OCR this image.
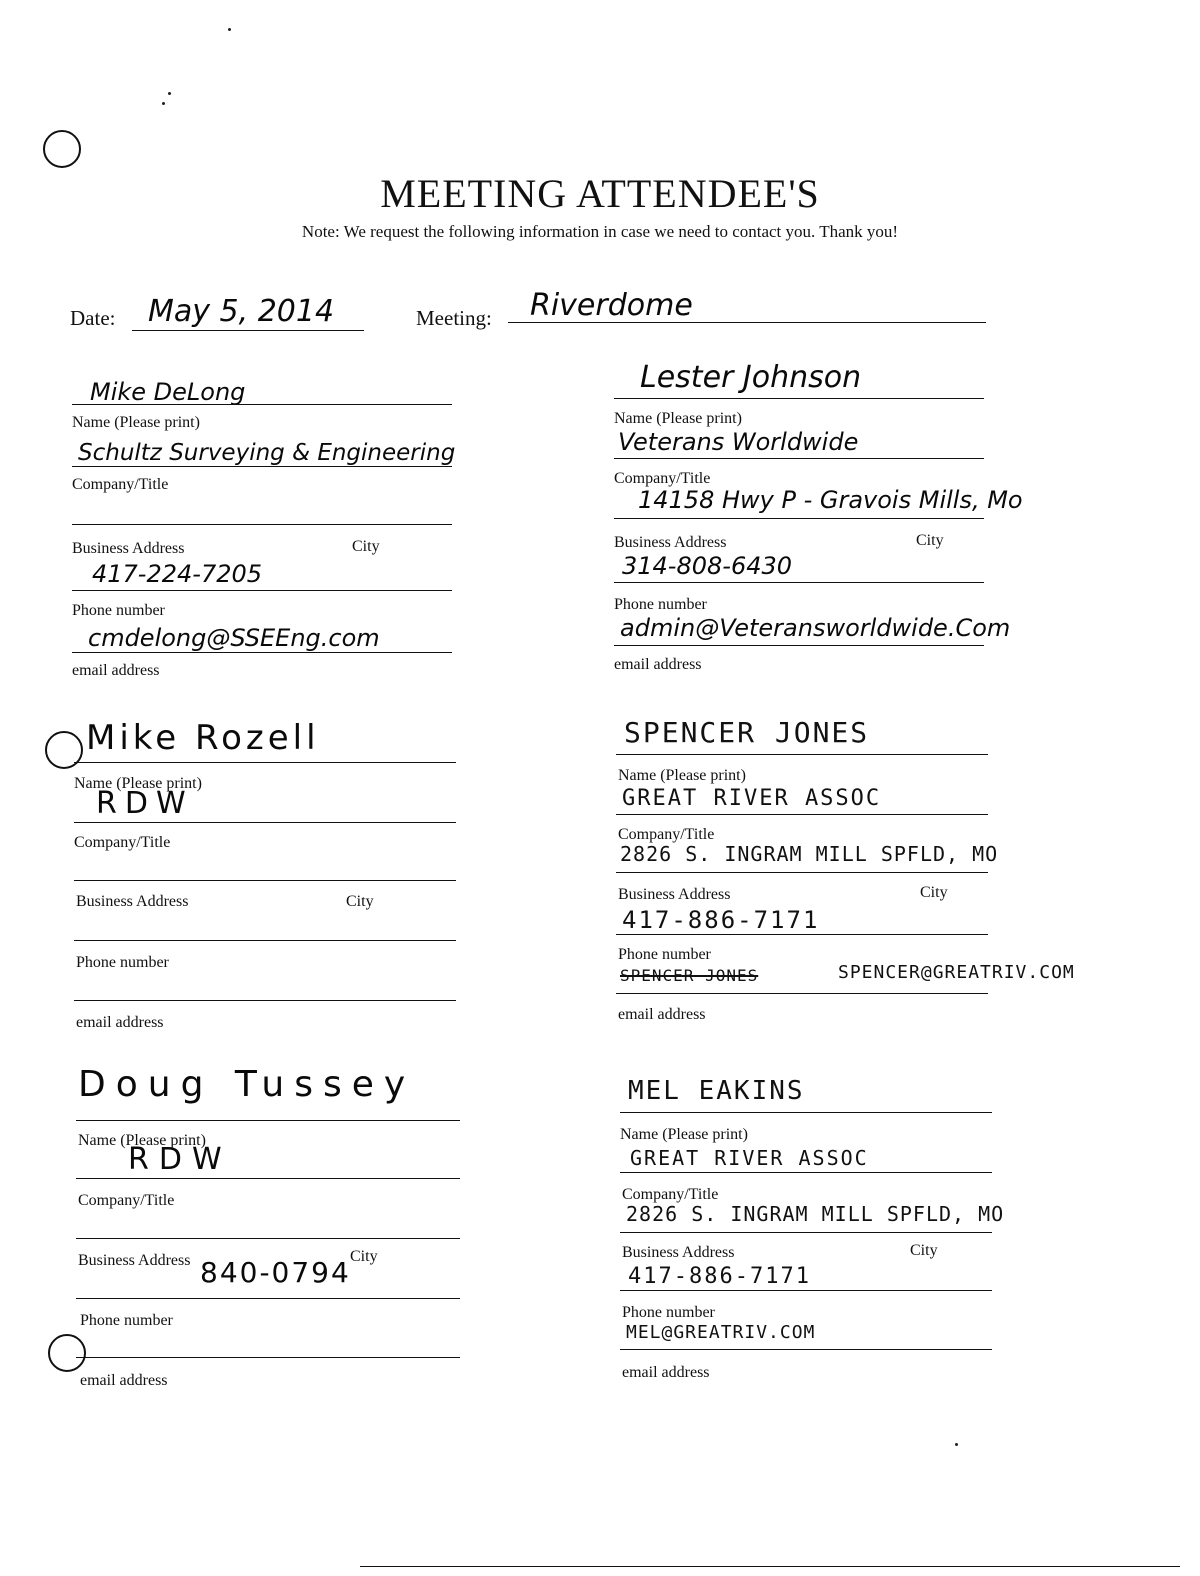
MEETING ATTENDEE'S
Note: We request the following information in case we need to contact you. Thank you!
Date: May 5, 2014	Meeting: Riverdome
Mike DeLong
Name (Please print)
Schultz Surveying & Engineering
Company/Title
Business Address	City
417-224-7205
Phone number
cmdelong@SSEEng.com
email address
Lester Johnson
Name (Please print)
Veterans Worldwide
Company/Title
14158 Hwy P - Gravois Mills, Mo
Business Address	City
314-808-6430
Phone number
admin@Veteransworldwide.Com
email address
Mike Rozell
Name (Please print)
RDW
Company/Title
Business Address	City
Phone number
email address
SPENCER JONES
Name (Please print)
GREAT RIVER ASSOC
Company/Title
2826 S. INGRAM MILL SPFLD, MO
Business Address	City
417-886-7171
Phone number
SPENCER JONES	SPENCER@GREATRIV.COM
email address
Doug Tussey
Name (Please print)
RDW
Company/Title
Business Address	City
840-0794
Phone number
email address
MEL EAKINS
Name (Please print)
GREAT RIVER ASSOC
Company/Title
2826 S. INGRAM MILL SPFLD, MO
Business Address	City
417-886-7171
Phone number
MEL@GREATRIV.COM
email address
